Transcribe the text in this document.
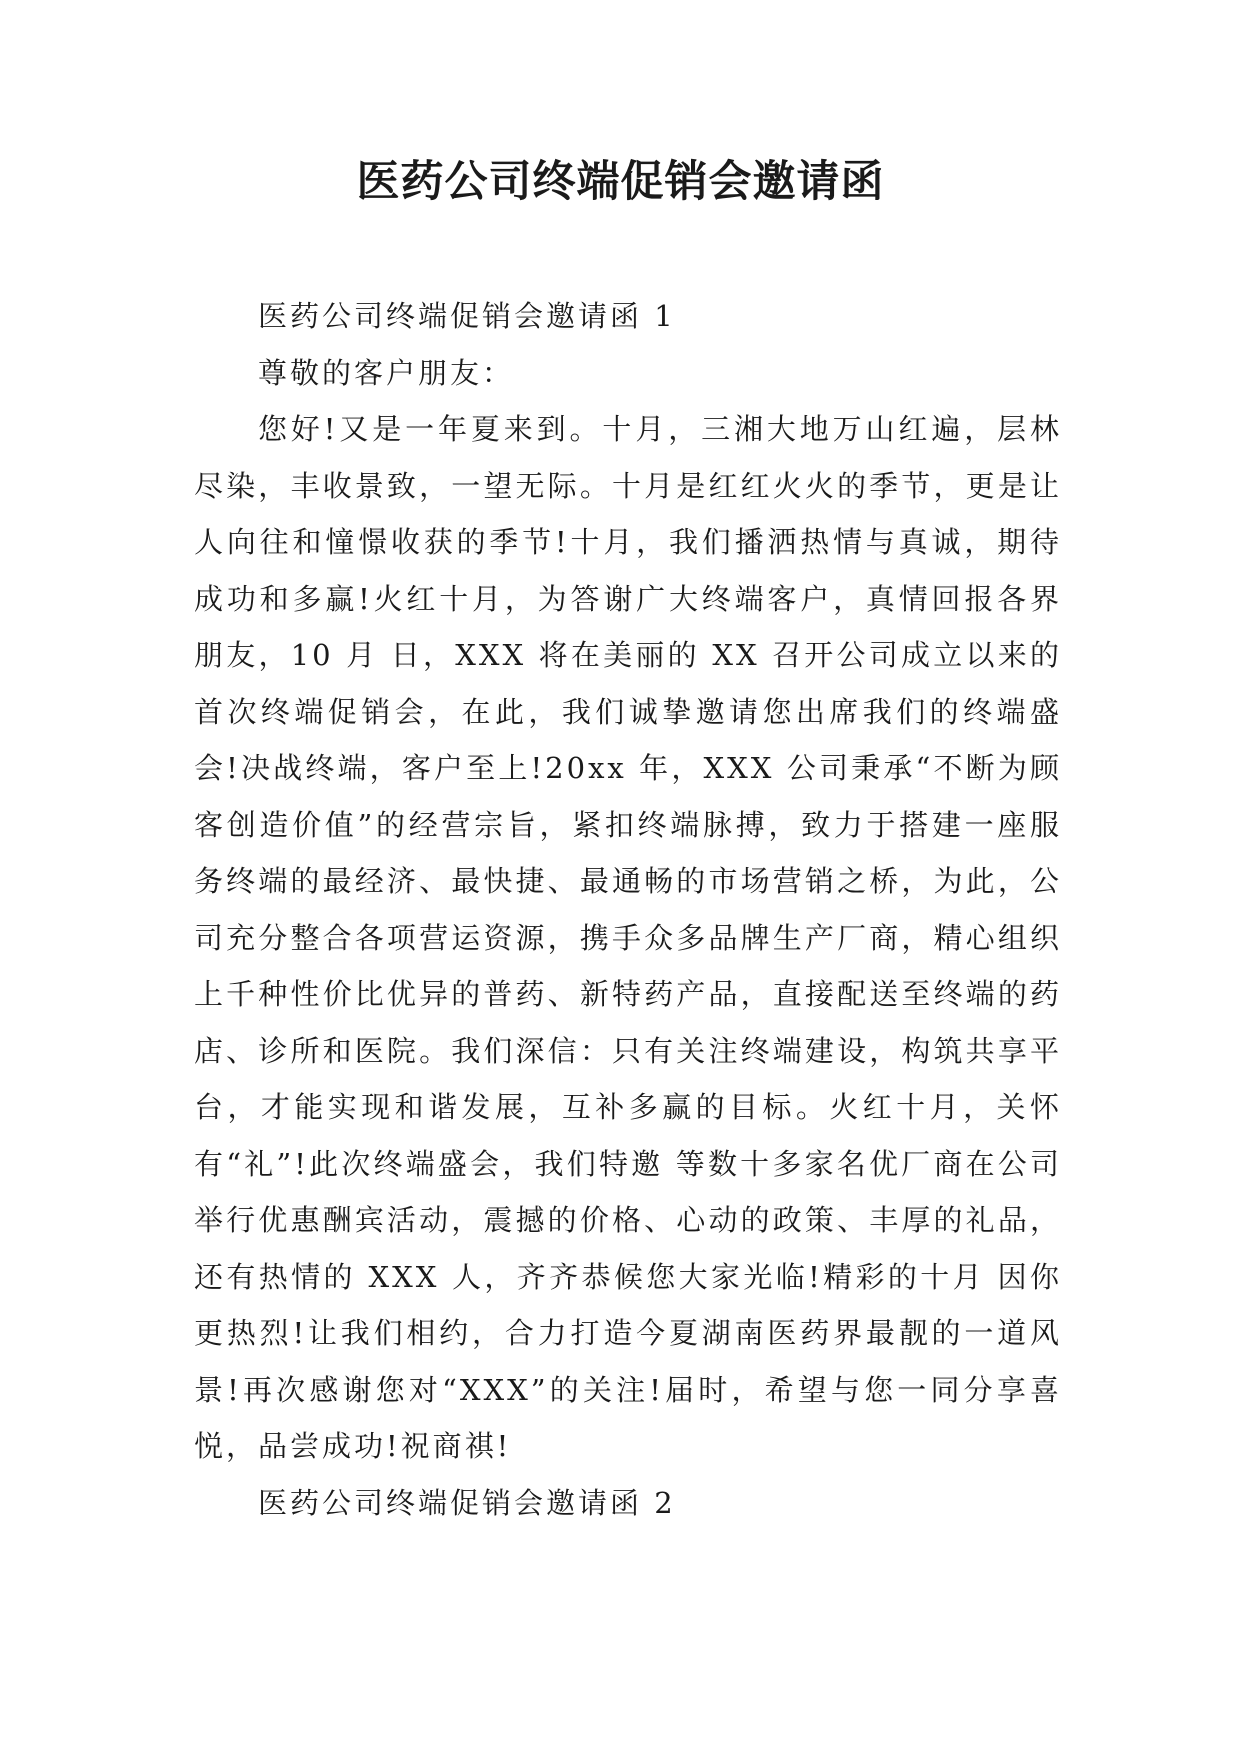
医药公司终端促销会邀请函

医药公司终端促销会邀请函 1

尊敬的客户朋友：

您好!又是一年夏来到。十月，三湘大地万山红遍，层林尽染，丰收景致，一望无际。十月是红红火火的季节，更是让人向往和憧憬收获的季节!十月，我们播洒热情与真诚，期待成功和多赢!火红十月，为答谢广大终端客户，真情回报各界朋友，10 月 日，XXX 将在美丽的 XX 召开公司成立以来的首次终端促销会，在此，我们诚挚邀请您出席我们的终端盛会!决战终端，客户至上!20xx 年，XXX 公司秉承“不断为顾客创造价值”的经营宗旨，紧扣终端脉搏，致力于搭建一座服务终端的最经济、最快捷、最通畅的市场营销之桥，为此，公司充分整合各项营运资源，携手众多品牌生产厂商，精心组织上千种性价比优异的普药、新特药产品，直接配送至终端的药店、诊所和医院。我们深信：只有关注终端建设，构筑共享平台，才能实现和谐发展，互补多赢的目标。火红十月，关怀有“礼”!此次终端盛会，我们特邀 等数十多家名优厂商在公司举行优惠酬宾活动，震撼的价格、心动的政策、丰厚的礼品，还有热情的 XXX 人，齐齐恭候您大家光临!精彩的十月 因你更热烈!让我们相约，合力打造今夏湖南医药界最靓的一道风景!再次感谢您对“XXX”的关注!届时，希望与您一同分享喜悦，品尝成功!祝商祺!

医药公司终端促销会邀请函 2
